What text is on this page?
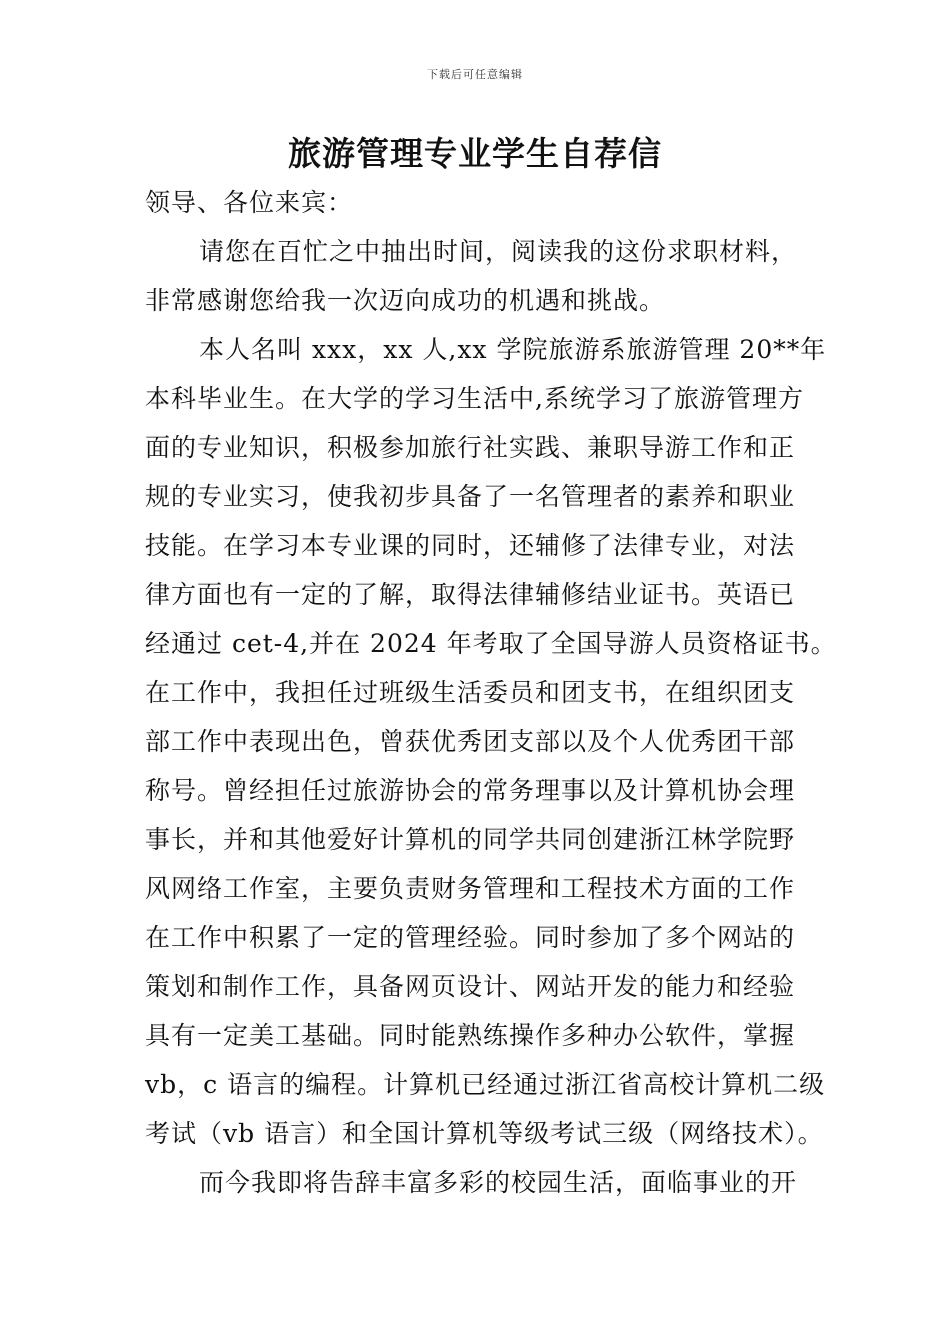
下载后可任意编辑
旅游管理专业学生自荐信
领导、各位来宾：
请您在百忙之中抽出时间，阅读我的这份求职材料，
非常感谢您给我一次迈向成功的机遇和挑战。
本人名叫 xxx，xx 人,xx 学院旅游系旅游管理 20**年
本科毕业生。在大学的学习生活中,系统学习了旅游管理方
面的专业知识，积极参加旅行社实践、兼职导游工作和正
规的专业实习，使我初步具备了一名管理者的素养和职业
技能。在学习本专业课的同时，还辅修了法律专业，对法
律方面也有一定的了解，取得法律辅修结业证书。英语已
经通过 cet-4,并在 2024 年考取了全国导游人员资格证书。
在工作中，我担任过班级生活委员和团支书，在组织团支
部工作中表现出色，曾获优秀团支部以及个人优秀团干部
称号。曾经担任过旅游协会的常务理事以及计算机协会理
事长，并和其他爱好计算机的同学共同创建浙江林学院野
风网络工作室，主要负责财务管理和工程技术方面的工作
在工作中积累了一定的管理经验。同时参加了多个网站的
策划和制作工作，具备网页设计、网站开发的能力和经验
具有一定美工基础。同时能熟练操作多种办公软件，掌握
vb，c 语言的编程。计算机已经通过浙江省高校计算机二级
考试（vb 语言）和全国计算机等级考试三级（网络技术）。
而今我即将告辞丰富多彩的校园生活，面临事业的开
